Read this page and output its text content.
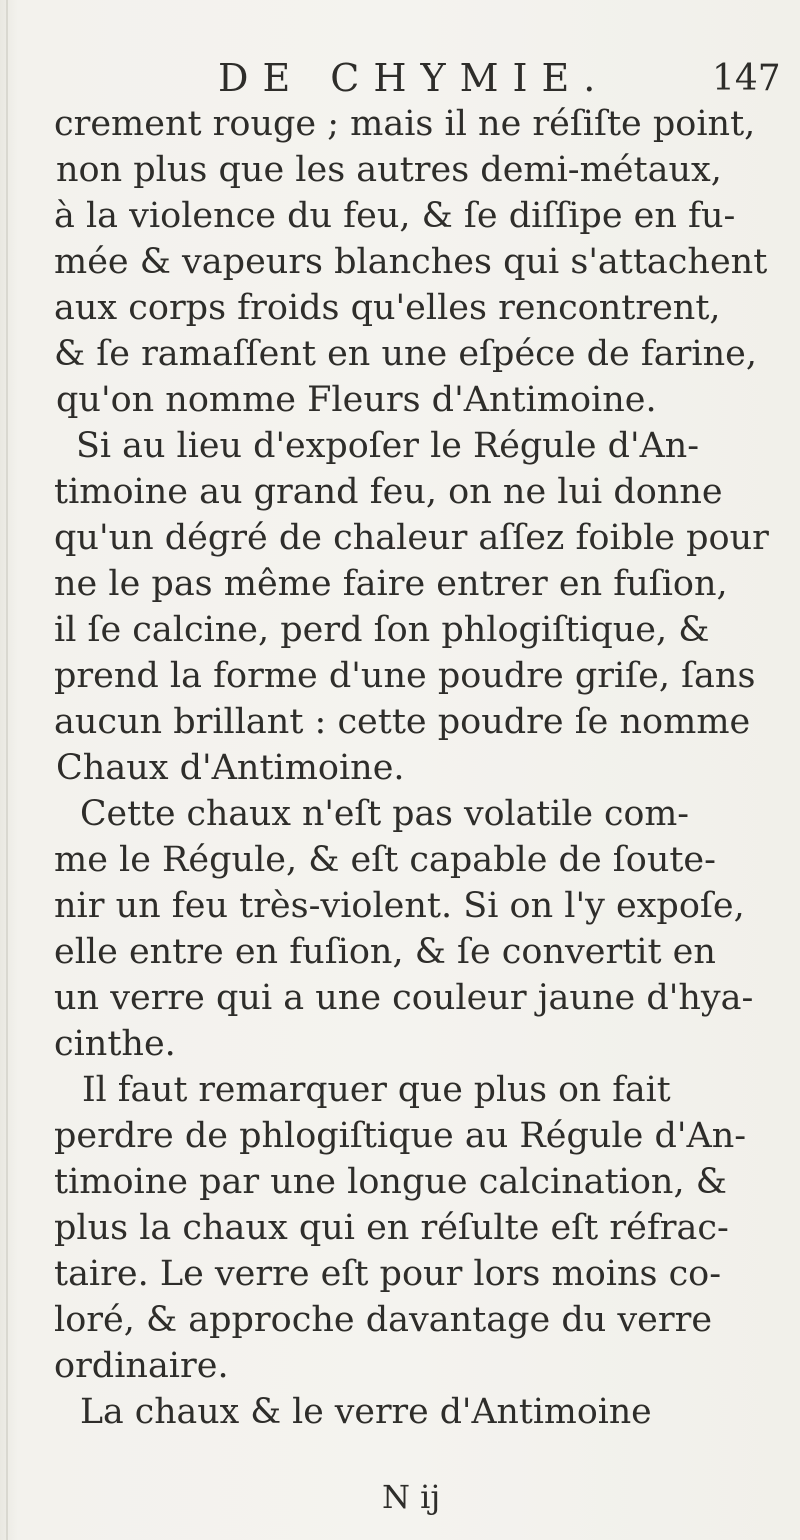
DE CHYMIE.	147
crement rouge ; mais il ne réſiſte point,
non plus que les autres demi-métaux,
à la violence du feu, & ſe diſſipe en fu-
mée & vapeurs blanches qui s'attachent
aux corps froids qu'elles rencontrent,
& ſe ramaſſent en une eſpéce de farine,
qu'on nomme Fleurs d'Antimoine.
Si au lieu d'expoſer le Régule d'An-
timoine au grand feu, on ne lui donne
qu'un dégré de chaleur aſſez foible pour
ne le pas même faire entrer en fuſion,
il ſe calcine, perd ſon phlogiſtique, &
prend la forme d'une poudre griſe, ſans
aucun brillant : cette poudre ſe nomme
Chaux d'Antimoine.
Cette chaux n'eſt pas volatile com-
me le Régule, & eſt capable de ſoute-
nir un feu très-violent. Si on l'y expoſe,
elle entre en fuſion, & ſe convertit en
un verre qui a une couleur jaune d'hya-
cinthe.
Il faut remarquer que plus on fait
perdre de phlogiſtique au Régule d'An-
timoine par une longue calcination, &
plus la chaux qui en réſulte eſt réfrac-
taire. Le verre eſt pour lors moins co-
loré, & approche davantage du verre
ordinaire.
La chaux & le verre d'Antimoine
N ij
